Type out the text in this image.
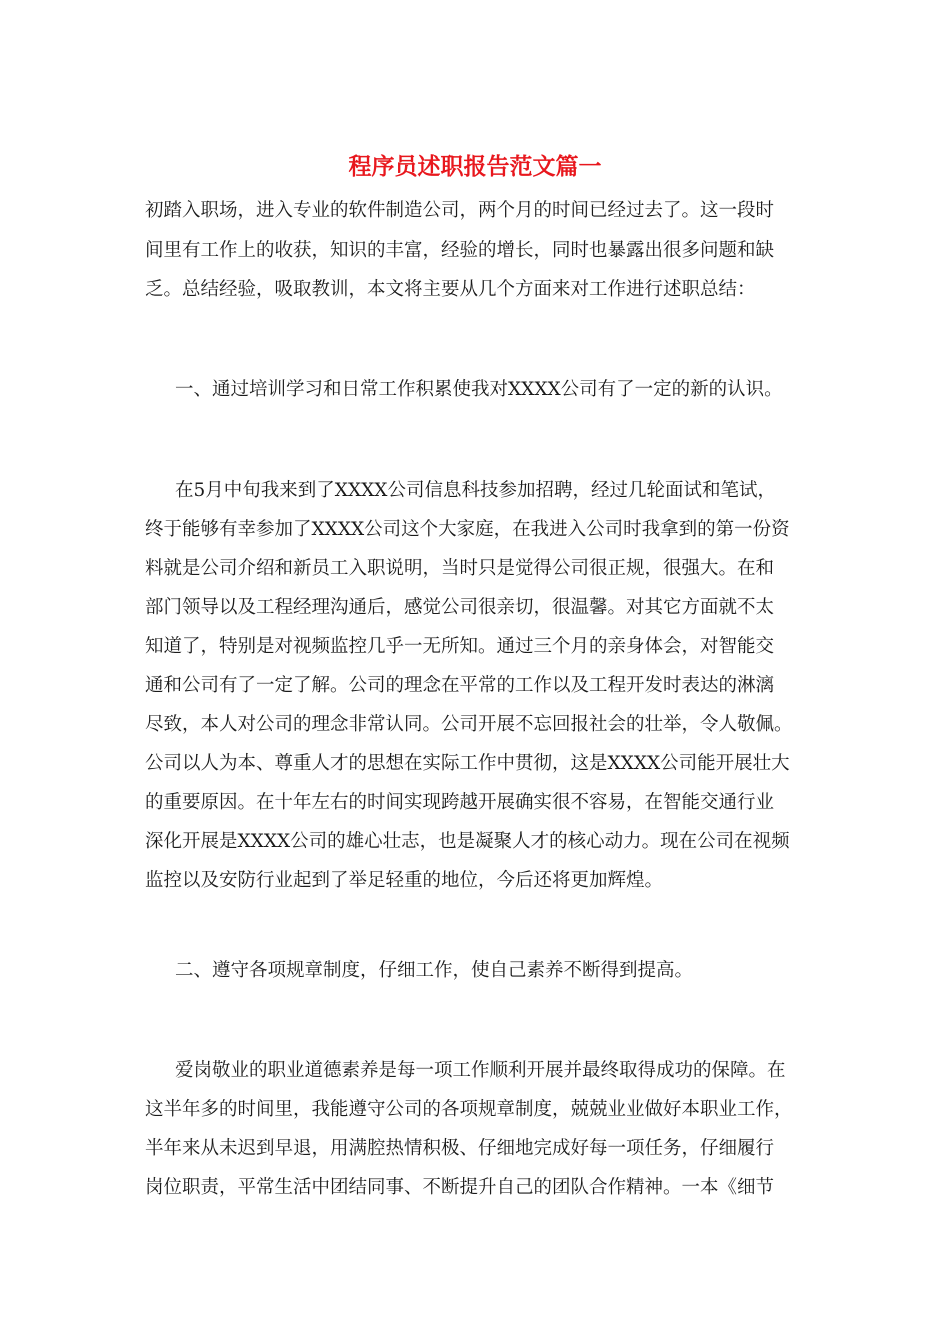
程序员述职报告范文篇一
初踏入职场，进入专业的软件制造公司，两个月的时间已经过去了。这一段时
间里有工作上的收获，知识的丰富，经验的增长，同时也暴露出很多问题和缺
乏。总结经验，吸取教训，本文将主要从几个方面来对工作进行述职总结：
一、通过培训学习和日常工作积累使我对XXXX公司有了一定的新的认识。
在5月中旬我来到了XXXX公司信息科技参加招聘，经过几轮面试和笔试，
终于能够有幸参加了XXXX公司这个大家庭，在我进入公司时我拿到的第一份资
料就是公司介绍和新员工入职说明，当时只是觉得公司很正规，很强大。在和
部门领导以及工程经理沟通后，感觉公司很亲切，很温馨。对其它方面就不太
知道了，特别是对视频监控几乎一无所知。通过三个月的亲身体会，对智能交
通和公司有了一定了解。公司的理念在平常的工作以及工程开发时表达的淋漓
尽致，本人对公司的理念非常认同。公司开展不忘回报社会的壮举，令人敬佩。
公司以人为本、尊重人才的思想在实际工作中贯彻，这是XXXX公司能开展壮大
的重要原因。在十年左右的时间实现跨越开展确实很不容易，在智能交通行业
深化开展是XXXX公司的雄心壮志，也是凝聚人才的核心动力。现在公司在视频
监控以及安防行业起到了举足轻重的地位，今后还将更加辉煌。
二、遵守各项规章制度，仔细工作，使自己素养不断得到提高。
爱岗敬业的职业道德素养是每一项工作顺利开展并最终取得成功的保障。在
这半年多的时间里，我能遵守公司的各项规章制度，兢兢业业做好本职业工作，
半年来从未迟到早退，用满腔热情积极、仔细地完成好每一项任务，仔细履行
岗位职责，平常生活中团结同事、不断提升自己的团队合作精神。一本《细节
